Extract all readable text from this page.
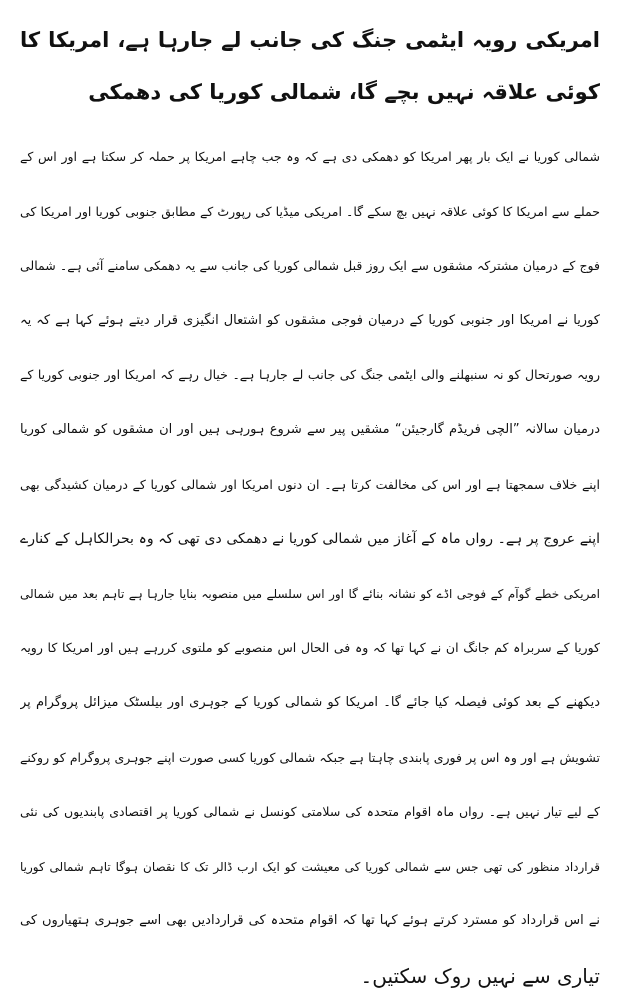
امریکی رویہ ایٹمی جنگ کی جانب لے جارہا ہے، امریکا کا کوئی علاقہ نہیں بچے گا، شمالی کوریا کی دھمکی
شمالی کوریا نے ایک بار پھر امریکا کو دھمکی دی ہے کہ وہ جب چاہے امریکا پر حملہ کر سکتا ہے اور اس کے
حملے سے امریکا کا کوئی علاقہ نہیں بچ سکے گا۔ امریکی میڈیا کی رپورٹ کے مطابق جنوبی کوریا اور امریکا کی
فوج کے درمیان مشترکہ مشقوں سے ایک روز قبل شمالی کوریا کی جانب سے یہ دھمکی سامنے آئی ہے۔ شمالی
کوریا نے امریکا اور جنوبی کوریا کے درمیان فوجی مشقوں کو اشتعال انگیزی قرار دیتے ہوئے کہا ہے کہ یہ
رویہ صورتحال کو نہ سنبھلنے والی ایٹمی جنگ کی جانب لے جارہا ہے۔ خیال رہے کہ امریکا اور جنوبی کوریا کے
درمیان سالانہ ”الچی فریڈم گارجیئن“ مشقیں پیر سے شروع ہورہی ہیں اور ان مشقوں کو شمالی کوریا
اپنے خلاف سمجھتا ہے اور اس کی مخالفت کرتا ہے۔ ان دنوں امریکا اور شمالی کوریا کے درمیان کشیدگی بھی
اپنے عروج پر ہے۔ رواں ماہ کے آغاز میں شمالی کوریا نے دھمکی دی تھی کہ وہ بحرالکاہل کے کنارے
امریکی خطے گوآم کے فوجی اڈے کو نشانہ بنائے گا اور اس سلسلے میں منصوبہ بنایا جارہا ہے تاہم بعد میں شمالی
کوریا کے سربراہ کم جانگ ان نے کہا تھا کہ وہ فی الحال اس منصوبے کو ملتوی کررہے ہیں اور امریکا کا رویہ
دیکھنے کے بعد کوئی فیصلہ کیا جائے گا۔ امریکا کو شمالی کوریا کے جوہری اور بیلسٹک میزائل پروگرام پر
تشویش ہے اور وہ اس پر فوری پابندی چاہتا ہے جبکہ شمالی کوریا کسی صورت اپنے جوہری پروگرام کو روکنے
کے لیے تیار نہیں ہے۔ رواں ماہ اقوام متحدہ کی سلامتی کونسل نے شمالی کوریا پر اقتصادی پابندیوں کی نئی
قرارداد منظور کی تھی جس سے شمالی کوریا کی معیشت کو ایک ارب ڈالر تک کا نقصان ہوگا تاہم شمالی کوریا
نے اس قرارداد کو مسترد کرتے ہوئے کہا تھا کہ اقوام متحدہ کی قراردادیں بھی اسے جوہری ہتھیاروں کی
تیاری سے نہیں روک سکتیں۔
